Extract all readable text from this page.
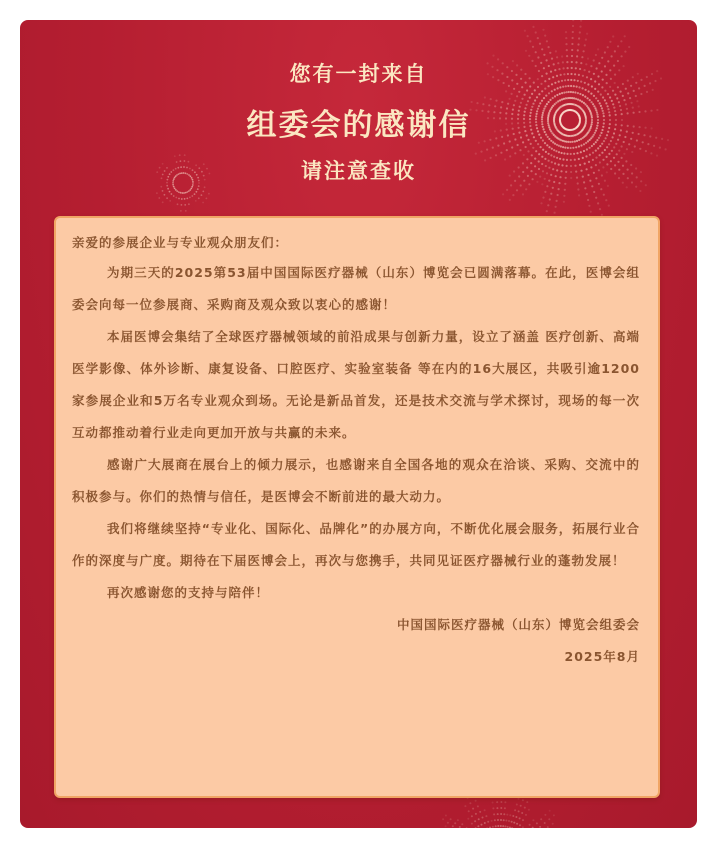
您有一封来自
组委会的感谢信
请注意查收

亲爱的参展企业与专业观众朋友们：

为期三天的2025第53届中国国际医疗器械（山东）博览会已圆满落幕。在此，医博会组委会向每一位参展商、采购商及观众致以衷心的感谢！

本届医博会集结了全球医疗器械领域的前沿成果与创新力量，设立了涵盖 医疗创新、高端医学影像、体外诊断、康复设备、口腔医疗、实验室装备 等在内的16大展区，共吸引逾1200家参展企业和5万名专业观众到场。无论是新品首发，还是技术交流与学术探讨，现场的每一次互动都推动着行业走向更加开放与共赢的未来。

感谢广大展商在展台上的倾力展示，也感谢来自全国各地的观众在洽谈、采购、交流中的积极参与。你们的热情与信任，是医博会不断前进的最大动力。

我们将继续坚持“专业化、国际化、品牌化”的办展方向，不断优化展会服务，拓展行业合作的深度与广度。期待在下届医博会上，再次与您携手，共同见证医疗器械行业的蓬勃发展！

再次感谢您的支持与陪伴！

中国国际医疗器械（山东）博览会组委会

2025年8月
